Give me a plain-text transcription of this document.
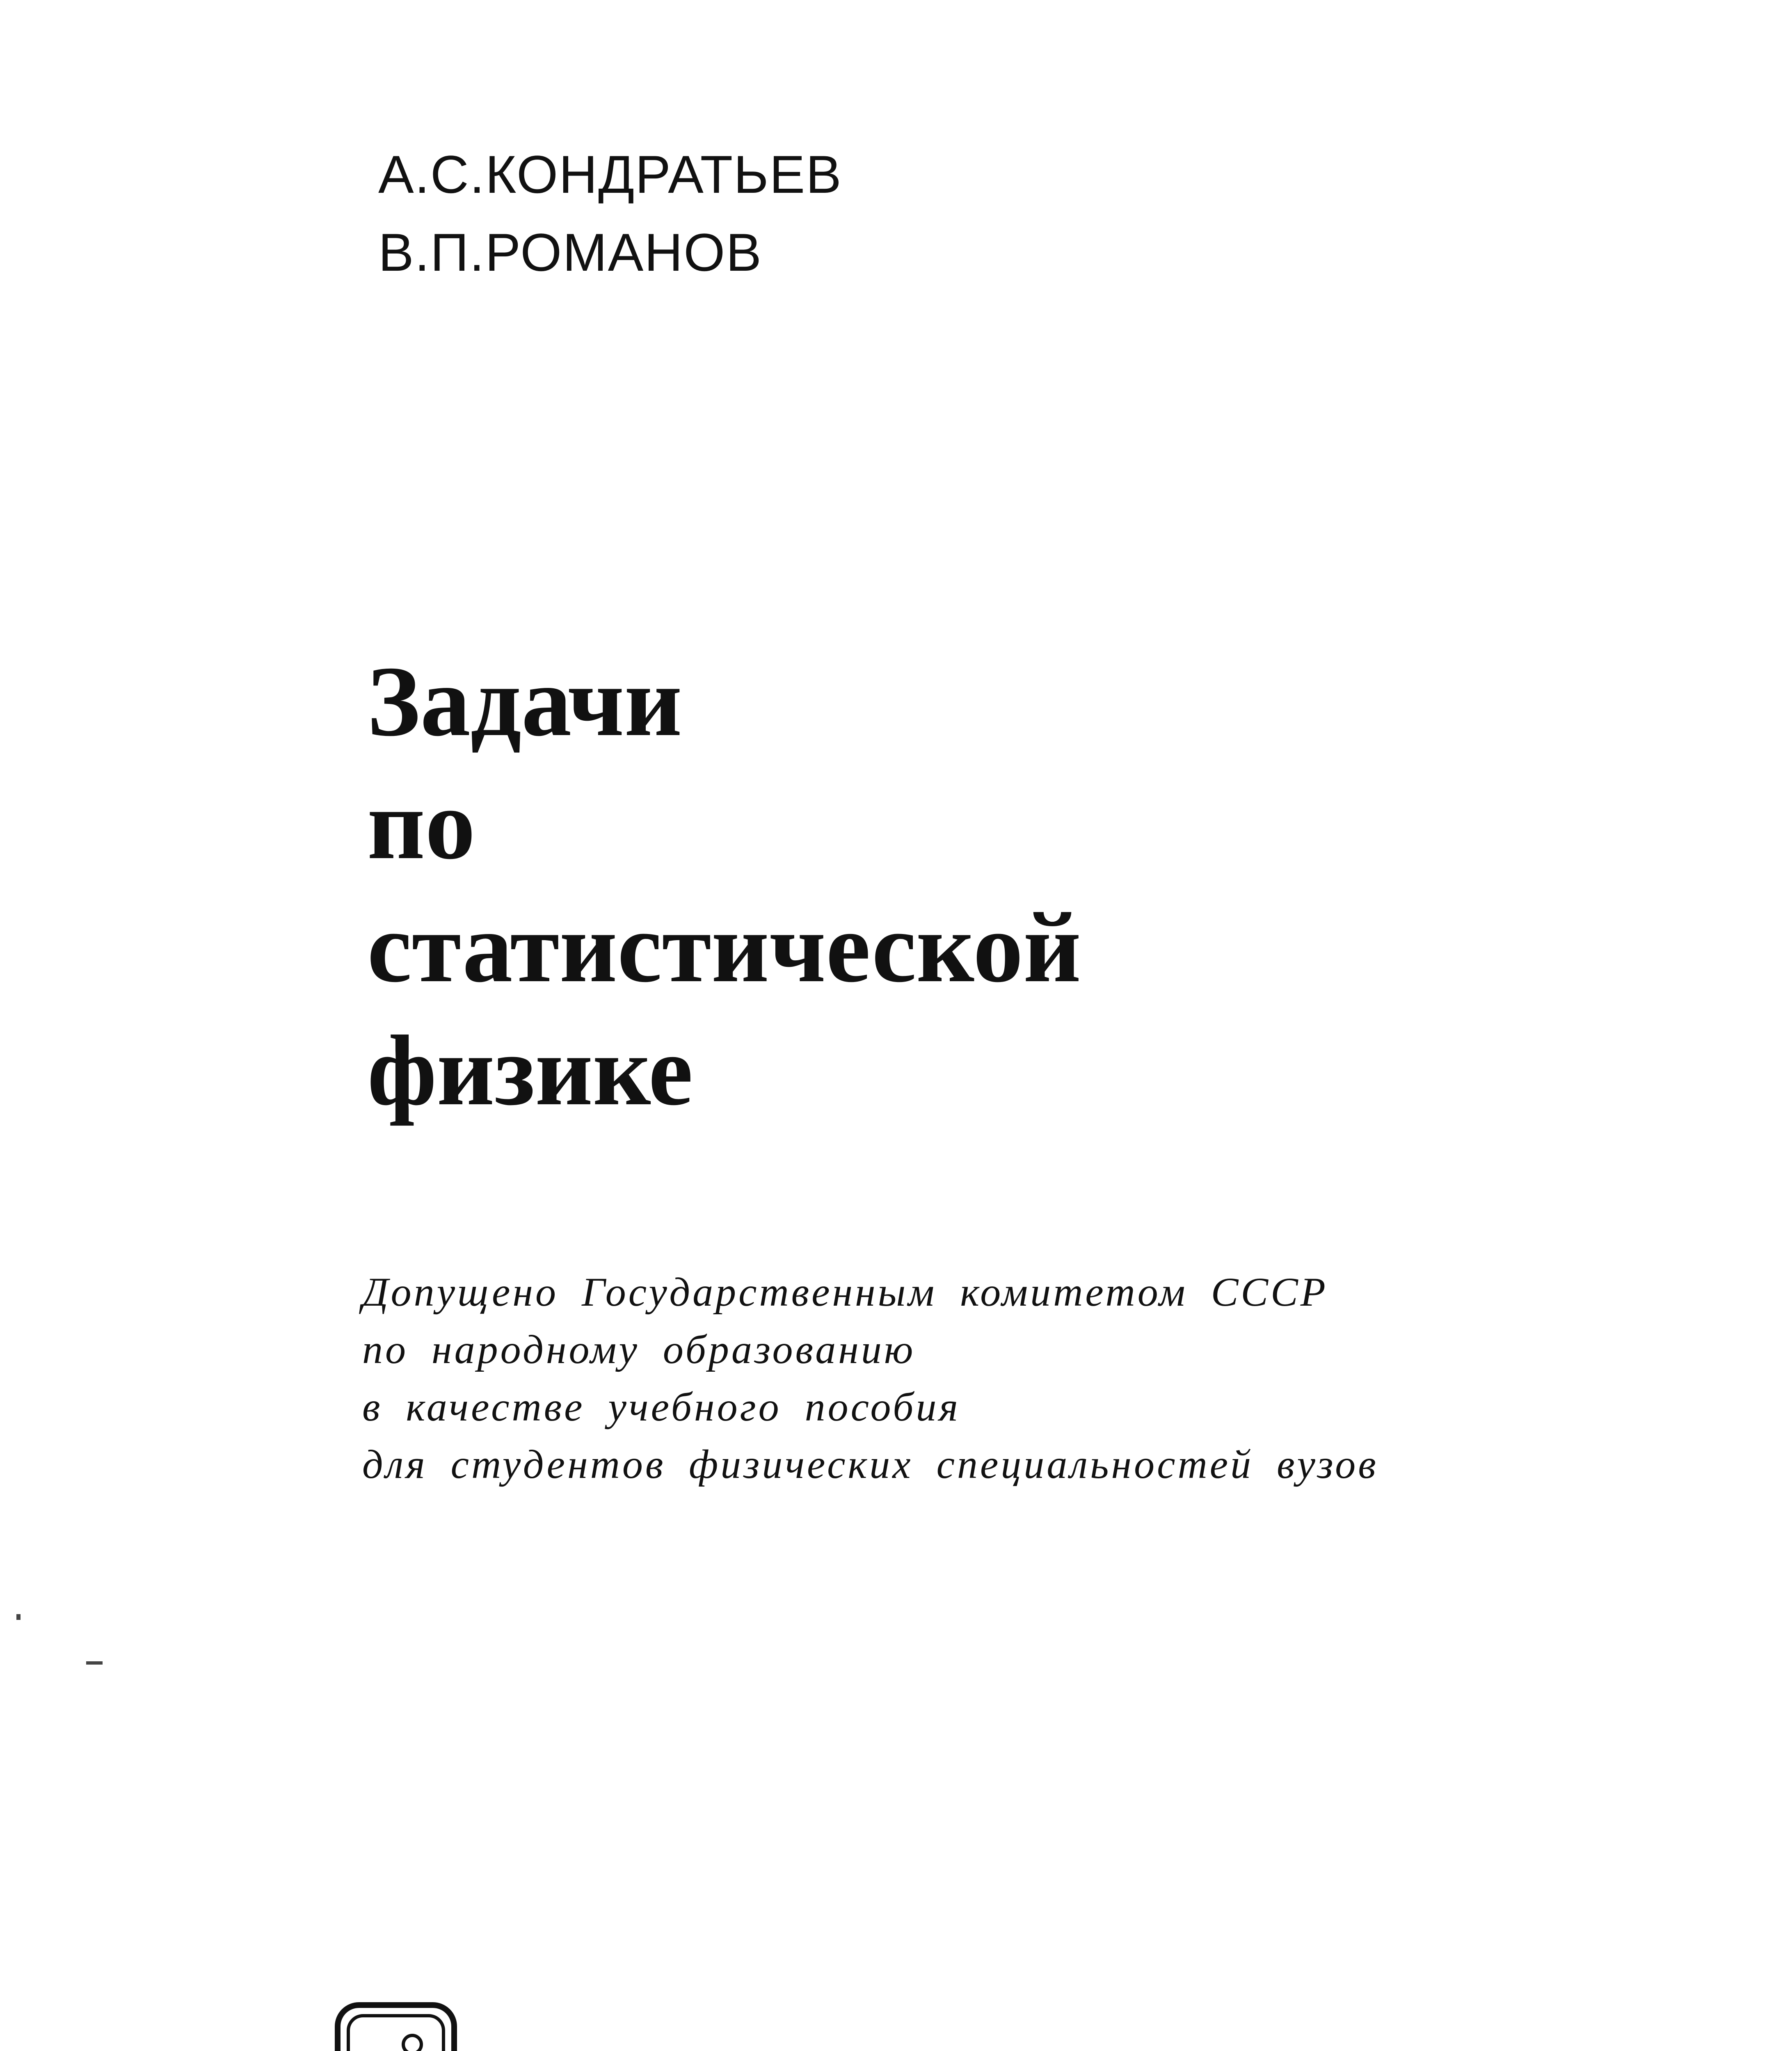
А.С.КОНДРАТЬЕВ
В.П.РОМАНОВ
Задачи
по
статистической
физике
Допущено Государственным комитетом СССР
по народному образованию
в качестве учебного пособия
для студентов физических специальностей вузов
